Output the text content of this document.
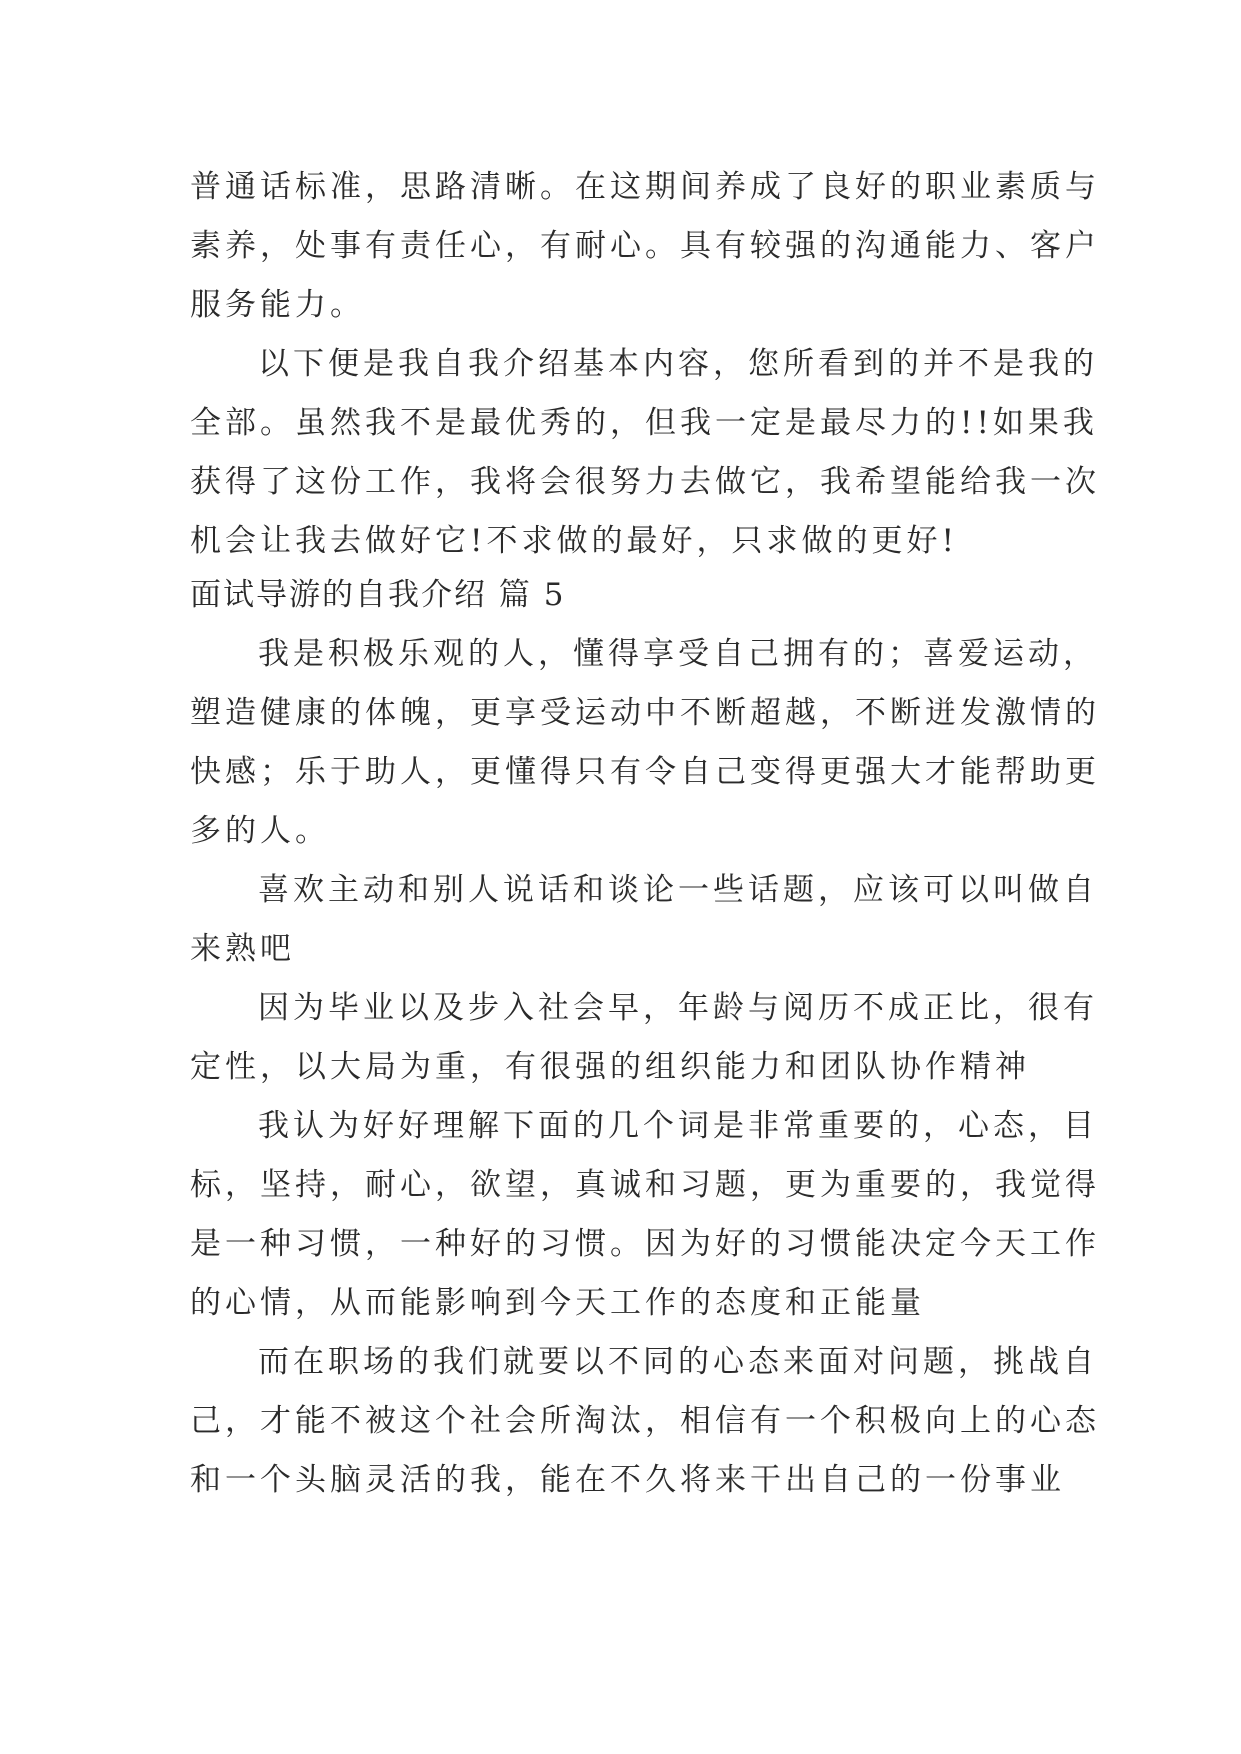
普通话标准，思路清晰。在这期间养成了良好的职业素质与
素养，处事有责任心，有耐心。具有较强的沟通能力、客户
服务能力。
以下便是我自我介绍基本内容，您所看到的并不是我的
全部。虽然我不是最优秀的，但我一定是最尽力的!!如果我
获得了这份工作，我将会很努力去做它，我希望能给我一次
机会让我去做好它!不求做的最好，只求做的更好!
面试导游的自我介绍 篇 5
我是积极乐观的人，懂得享受自己拥有的；喜爱运动，
塑造健康的体魄，更享受运动中不断超越，不断迸发激情的
快感；乐于助人，更懂得只有令自己变得更强大才能帮助更
多的人。
喜欢主动和别人说话和谈论一些话题，应该可以叫做自
来熟吧
因为毕业以及步入社会早，年龄与阅历不成正比，很有
定性，以大局为重，有很强的组织能力和团队协作精神
我认为好好理解下面的几个词是非常重要的，心态，目
标，坚持，耐心，欲望，真诚和习题，更为重要的，我觉得
是一种习惯，一种好的习惯。因为好的习惯能决定今天工作
的心情，从而能影响到今天工作的态度和正能量
而在职场的我们就要以不同的心态来面对问题，挑战自
己，才能不被这个社会所淘汰，相信有一个积极向上的心态
和一个头脑灵活的我，能在不久将来干出自己的一份事业
